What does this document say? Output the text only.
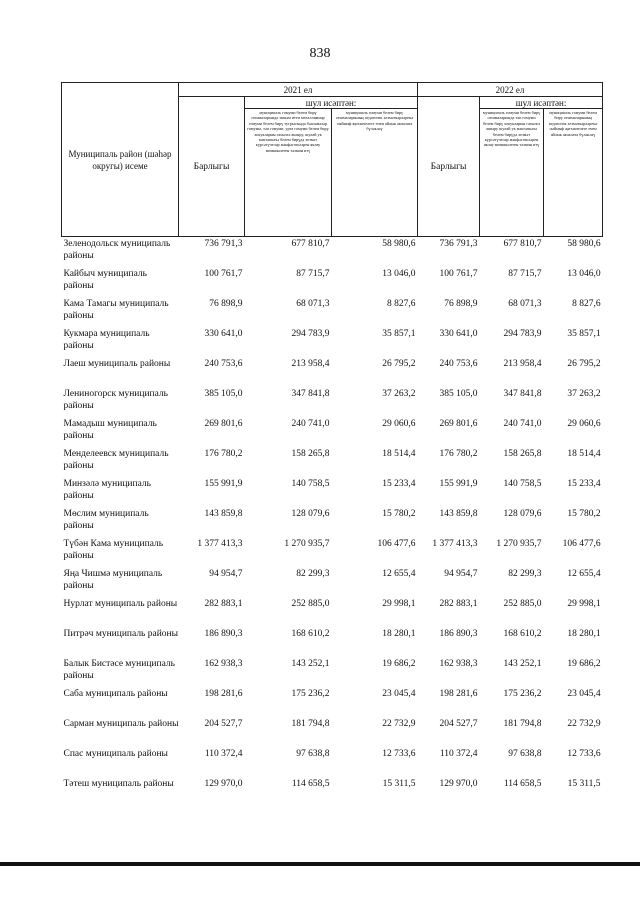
838
Муниципаль район (шәһәр округы) исеме	2021 ел			2022 ел		
	Барлыгы	шул исәптән:		Барлыгы	шул исәптән:	
		муниципаль гомуми белем бирү оешмаларында эшкәм итеп мөгаллимнәр гомуми белем бирү тугрысында бәяләмәләр гомумы, тәп гомуми, урта гомуми белем бирү хокукларны гамәлгә ашыру, шулай ук мәктәпкәчә белем бирүдә хезмәт күрсәтүчеләр мәнфәгатьләрен яклау мөмкинлеген тәэмин итү	муниципаль гомуми белем бирү оешмаларының педагогик хезмәткәрләренә сыйныф җитәкчелеге өчен айлык акчалата бүләкләү		муниципаль гомуми белем бирү оешмаларында тәп гомуми белем бирү хокукларны гамәлгә ашыру шулай ук мәктәпкәчә белем бирүдә хезмәт күрсәтүчеләр мәнфәгатьләрен яклау мөмкинлеген тәэмин итү	муниципаль гомуми белем бирү оешмаларының педагогик хезмәткәрләренә сыйныф җитәкчелеге өчен айлык акчалата бүләкләү
Зеленодольск муниципаль районы	736 791,3	677 810,7	58 980,6	736 791,3	677 810,7	58 980,6
Кайбыч муниципаль районы	100 761,7	87 715,7	13 046,0	100 761,7	87 715,7	13 046,0
Кама Тамагы муниципаль районы	76 898,9	68 071,3	8 827,6	76 898,9	68 071,3	8 827,6
Кукмара муниципаль районы	330 641,0	294 783,9	35 857,1	330 641,0	294 783,9	35 857,1
Лаеш муниципаль районы	240 753,6	213 958,4	26 795,2	240 753,6	213 958,4	26 795,2
Лениногорск муниципаль районы	385 105,0	347 841,8	37 263,2	385 105,0	347 841,8	37 263,2
Мамадыш муниципаль районы	269 801,6	240 741,0	29 060,6	269 801,6	240 741,0	29 060,6
Менделеевск муниципаль районы	176 780,2	158 265,8	18 514,4	176 780,2	158 265,8	18 514,4
Минзәлә муниципаль районы	155 991,9	140 758,5	15 233,4	155 991,9	140 758,5	15 233,4
Мөслим муниципаль районы	143 859,8	128 079,6	15 780,2	143 859,8	128 079,6	15 780,2
Түбән Кама муниципаль районы	1 377 413,3	1 270 935,7	106 477,6	1 377 413,3	1 270 935,7	106 477,6
Яңа Чишмә муниципаль районы	94 954,7	82 299,3	12 655,4	94 954,7	82 299,3	12 655,4
Нурлат муниципаль районы	282 883,1	252 885,0	29 998,1	282 883,1	252 885,0	29 998,1
Питрәч муниципаль районы	186 890,3	168 610,2	18 280,1	186 890,3	168 610,2	18 280,1
Балык Бистәсе муниципаль районы	162 938,3	143 252,1	19 686,2	162 938,3	143 252,1	19 686,2
Саба муниципаль районы	198 281,6	175 236,2	23 045,4	198 281,6	175 236,2	23 045,4
Сарман муниципаль районы	204 527,7	181 794,8	22 732,9	204 527,7	181 794,8	22 732,9
Спас муниципаль районы	110 372,4	97 638,8	12 733,6	110 372,4	97 638,8	12 733,6
Тәтеш муниципаль районы	129 970,0	114 658,5	15 311,5	129 970,0	114 658,5	15 311,5
